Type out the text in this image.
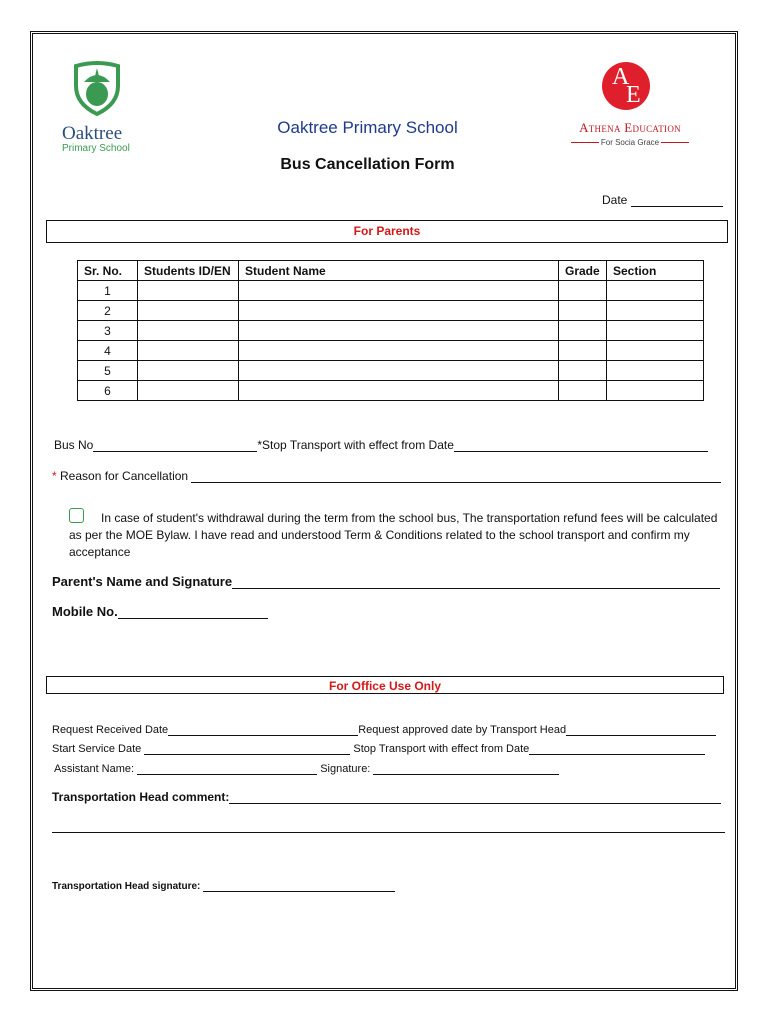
Oaktree
Primary School
A
E
Athena Education
For Socia Grace
Oaktree Primary School
Bus Cancellation Form
Date
For Parents
Sr. No.	Students ID/EN	Student Name	Grade	Section
1				
2				
3				
4				
5				
6				
Bus No	*Stop Transport with effect from Date
* Reason for Cancellation
In case of student's withdrawal during the term from the school bus, The transportation refund fees will be calculated as per the MOE Bylaw. I have read and understood Term & Conditions related to the school transport and confirm my acceptance
Parent's Name and Signature
Mobile No.
For Office Use Only
Request Received Date	Request approved date by Transport Head
Start Service Date	Stop Transport with effect from Date
Assistant Name:	Signature:
Transportation Head comment:
Transportation Head signature:
